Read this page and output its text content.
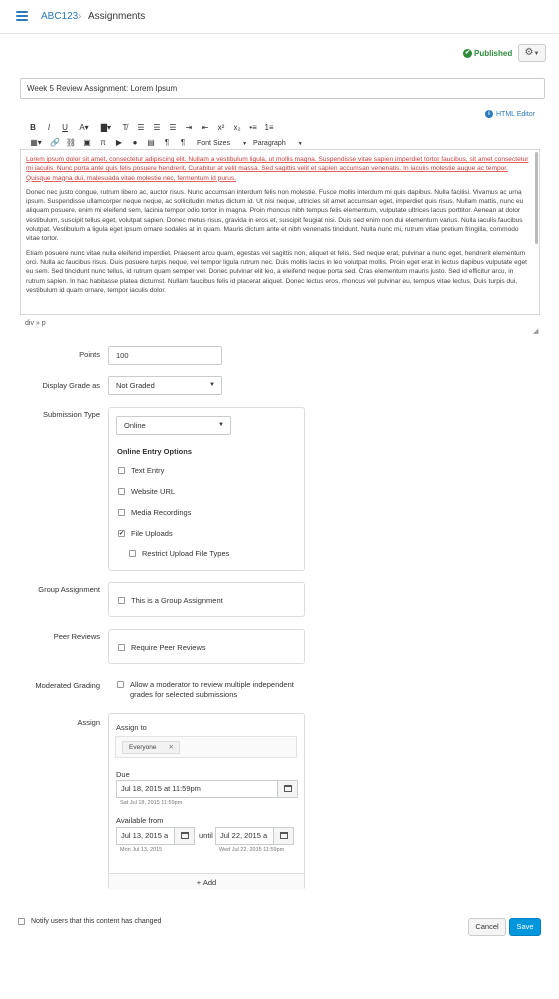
ABC123 › Assignments
✔ Published	⚙▼
Week 5 Review Assignment: Lorem Ipsum
i HTML Editor
B	I	U	A▾	▇▾	T̸	☰	☰	☰	⇥	⇤	x²	x₂	•≡ 1≡
▦▾	🔗 ⛓ ▣	π	▶	●	▤	¶	¶	Font Sizes ▼ Paragraph ▼

Lorem ipsum dolor sit amet, consectetur adipiscing elit. Nullam a vestibulum ligula, ut mollis magna. Suspendisse vitae sapien imperdiet tortor faucibus, sit amet consectetur mi iaculis. Nunc porta ante quis felis posuere hendrerit. Curabitur at velit massa. Sed sagittis velit et sapien accumsan venenatis. In iaculis molestie augue ac tempor. Quisque magna dui, malesuada vitae molestie nec, fermentum id purus.

Donec nec justo congue, rutrum libero ac, auctor risus. Nunc accumsan interdum felis non molestie. Fusce mollis interdum mi quis dapibus. Nulla facilisi. Vivamus ac urna ipsum. Suspendisse ullamcorper neque neque, ac sollicitudin metus dictum id. Ut nisi neque, ultricies sit amet accumsan eget, imperdiet quis risus. Nullam mattis, nunc eu aliquam posuere, enim mi eleifend sem, lacinia tempor odio tortor in magna. Proin rhoncus nibh tempus felis elementum, vulputate ultrices lacus porttitor. Aenean at dolor vestibulum, suscipit tellus eget, volutpat sapien. Donec metus risus, gravida in eros et, suscipit feugiat nisi. Duis sed enim non dui elementum varius. Nulla iaculis faucibus volutpat. Vestibulum a ligula eget ipsum ornare sodales at in quam. Mauris dictum ante et nibh venenatis tincidunt. Nulla nunc mi, rutrum vitae pretium fringilla, commodo vitae tortor.

Etiam posuere nunc vitae nulla eleifend imperdiet. Praesent arcu quam, egestas vel sagittis non, aliquet et felis. Sed neque erat, pulvinar a nunc eget, hendrerit elementum orci. Nulla ac faucibus risus. Duis posuere turpis neque, vel tempor ligula rutrum nec. Duis mollis lacus in leo volutpat mollis. Proin eget erat in lectus dapibus vulputate eget eu sem. Sed tincidunt nunc tellus, id rutrum quam semper vel. Donec pulvinar elit leo, a eleifend neque porta sed. Cras elementum mauris justo. Sed id efficitur arcu, in rutrum sapien. In hac habitasse platea dictumst. Nullam faucibus felis id placerat aliquet. Donec lectus eros, rhoncus vel pulvinar eu, tempus vitae lectus. Duis turpis dui, vestibulum id quam ornare, tempor iaculis dolor.

div » p
◢
Points	100
Display Grade as	Not Graded	▼
Submission Type
Online	▼
Online Entry Options
Text Entry
Website URL
Media Recordings
✔
File Uploads
Restrict Upload File Types
Group Assignment
This is a Group Assignment
Peer Reviews
Require Peer Reviews
Moderated Grading	Allow a moderator to review multiple independent
grades for selected submissions
Assign
Assign to
Everyone ✕
Due
Jul 18, 2015 at 11:59pm
Sat Jul 18, 2015 11:59pm
Available from
Jul 13, 2015 a	until Jul 22, 2015 a
Mon Jul 13, 2015	Wed Jul 22, 2015 11:59pm
+ Add
Notify users that this content has changed
Cancel	Save
